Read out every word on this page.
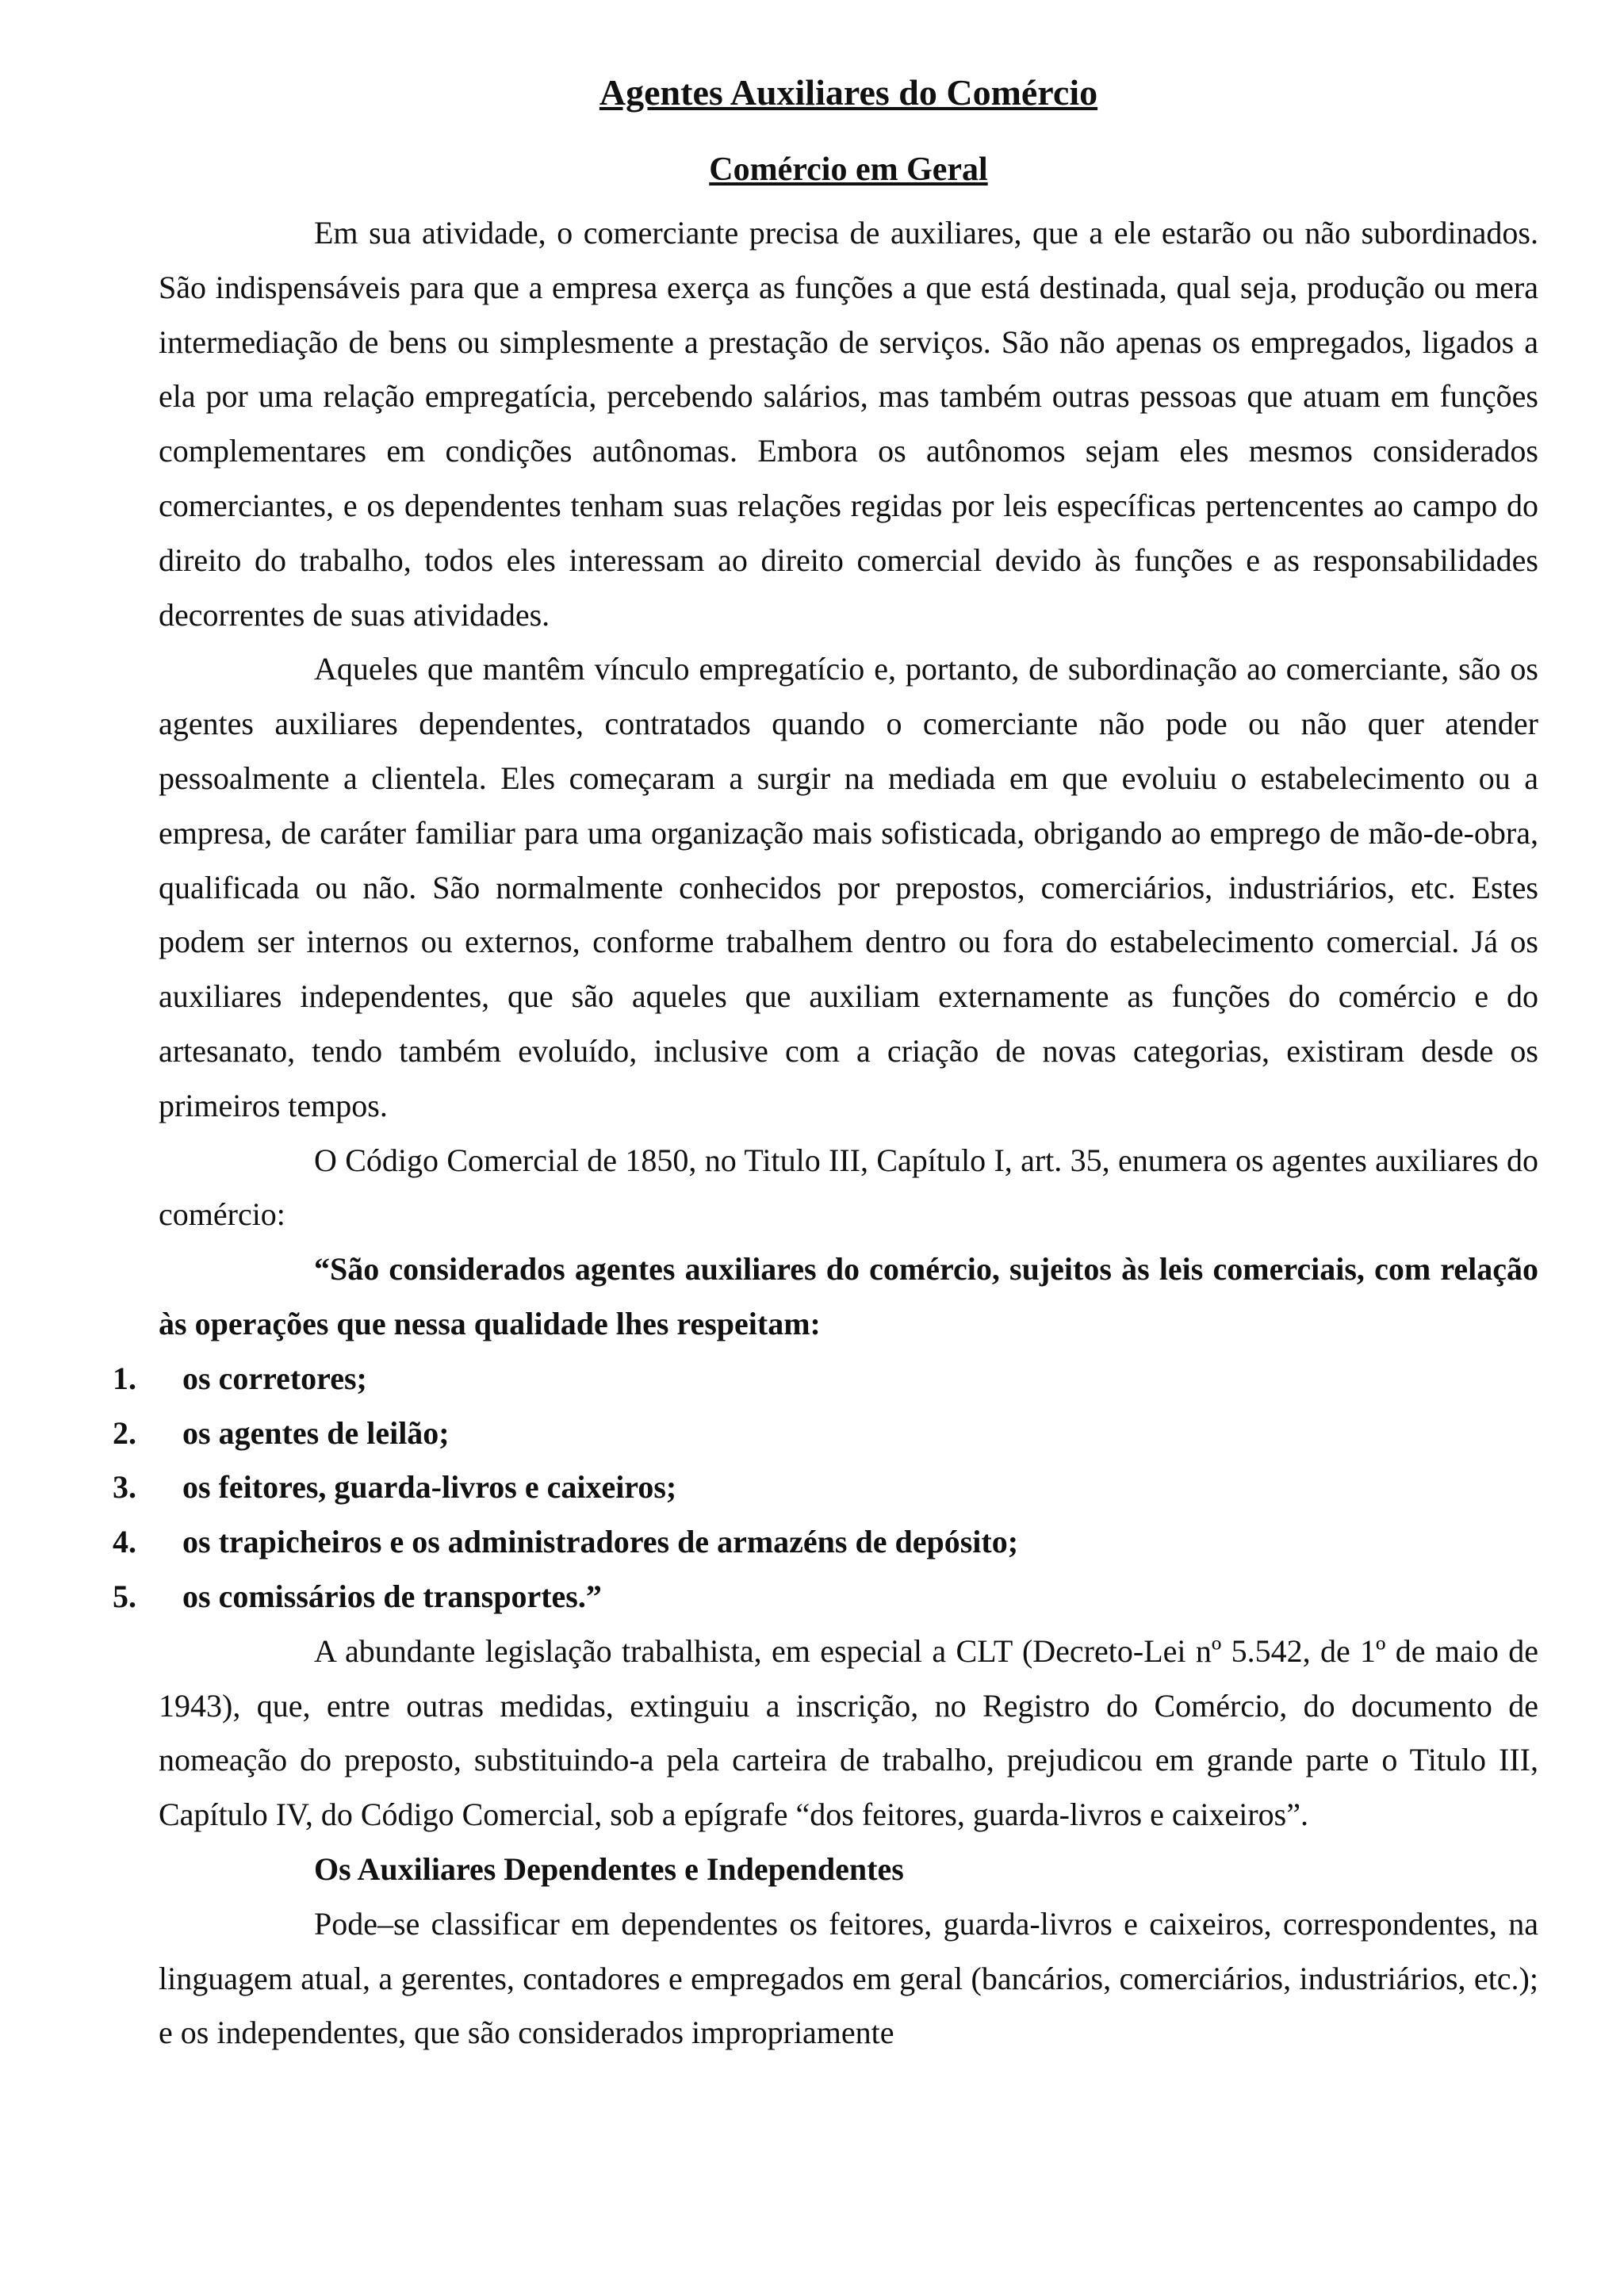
Agentes Auxiliares do Comércio
Comércio em Geral

Em sua atividade, o comerciante precisa de auxiliares, que a ele estarão ou não subordinados. São indispensáveis para que a empresa exerça as funções a que está destinada, qual seja, produção ou mera intermediação de bens ou simplesmente a prestação de serviços. São não apenas os empregados, ligados a ela por uma relação empregatícia, percebendo salários, mas também outras pessoas que atuam em funções complementares em condições autônomas. Embora os autônomos sejam eles mesmos considerados comerciantes, e os dependentes tenham suas relações regidas por leis específicas pertencentes ao campo do direito do trabalho, todos eles interessam ao direito comercial devido às funções e as responsabilidades decorrentes de suas atividades.

Aqueles que mantêm vínculo empregatício e, portanto, de subordinação ao comerciante, são os agentes auxiliares dependentes, contratados quando o comerciante não pode ou não quer atender pessoalmente a clientela. Eles começaram a surgir na mediada em que evoluiu o estabelecimento ou a empresa, de caráter familiar para uma organização mais sofisticada, obrigando ao emprego de mão-de-obra, qualificada ou não. São normalmente conhecidos por prepostos, comerciários, industriários, etc. Estes podem ser internos ou externos, conforme trabalhem dentro ou fora do estabelecimento comercial. Já os auxiliares independentes, que são aqueles que auxiliam externamente as funções do comércio e do artesanato, tendo também evoluído, inclusive com a criação de novas categorias, existiram desde os primeiros tempos.

O Código Comercial de 1850, no Titulo III, Capítulo I, art. 35, enumera os agentes auxiliares do comércio:

“São considerados agentes auxiliares do comércio, sujeitos às leis comerciais, com relação às operações que nessa qualidade lhes respeitam:

1.	os corretores;
2.	os agentes de leilão;
3.	os feitores, guarda-livros e caixeiros;
4.	os trapicheiros e os administradores de armazéns de depósito;
5.	os comissários de transportes.”

A abundante legislação trabalhista, em especial a CLT (Decreto-Lei nº 5.542, de 1º de maio de 1943), que, entre outras medidas, extinguiu a inscrição, no Registro do Comércio, do documento de nomeação do preposto, substituindo-a pela carteira de trabalho, prejudicou em grande parte o Titulo III, Capítulo IV, do Código Comercial, sob a epígrafe “dos feitores, guarda-livros e caixeiros”.

Os Auxiliares Dependentes e Independentes

Pode–se classificar em dependentes os feitores, guarda-livros e caixeiros, correspondentes, na linguagem atual, a gerentes, contadores e empregados em geral (bancários, comerciários, industriários, etc.); e os independentes, que são considerados impropriamente
